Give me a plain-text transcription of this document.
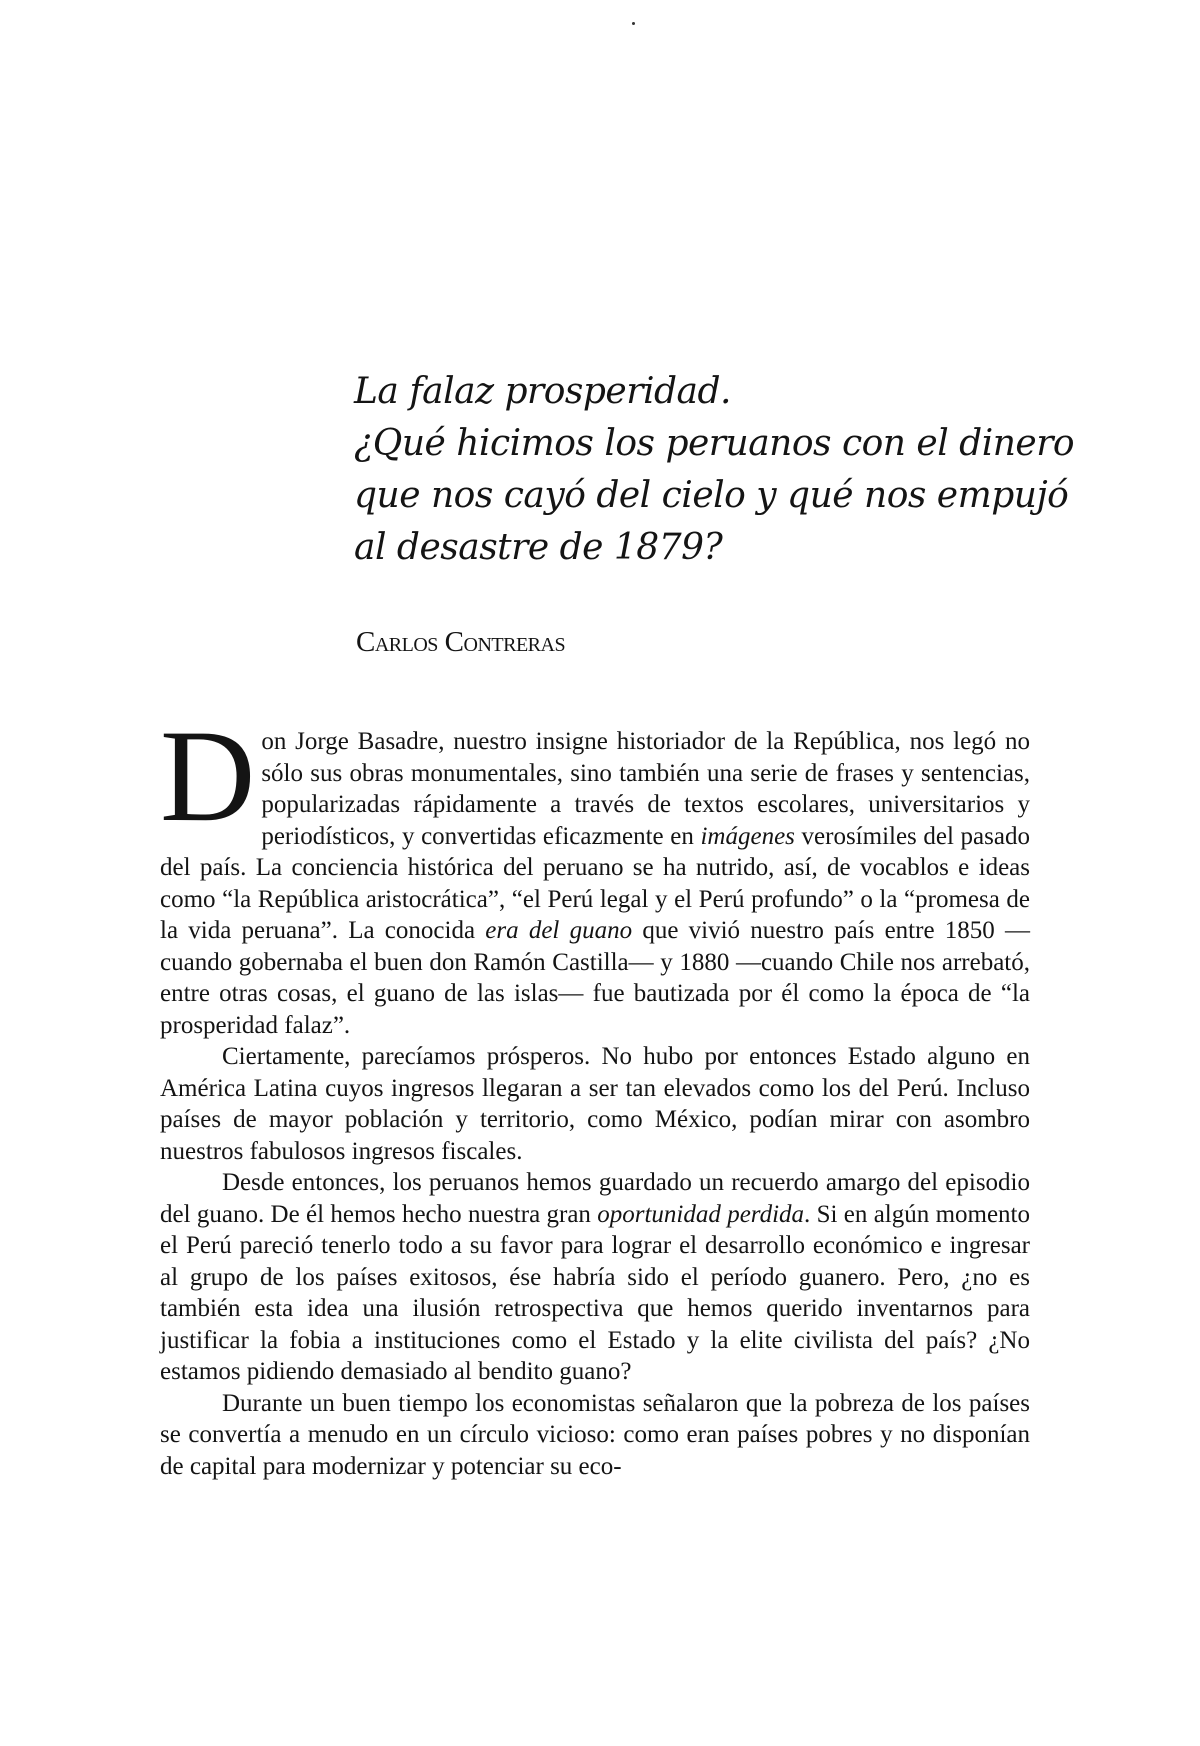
La falaz prosperidad.
¿Qué hicimos los peruanos con el dinero
que nos cayó del cielo y qué nos empujó
al desastre de 1879?

Carlos Contreras

Don Jorge Basadre, nuestro insigne historiador de la República, nos legó no sólo sus obras monumentales, sino también una serie de frases y sentencias, popularizadas rápidamente a través de textos escolares, universitarios y periodísticos, y convertidas eficazmente en imágenes verosímiles del pasado del país. La conciencia histórica del peruano se ha nutrido, así, de vocablos e ideas como “la República aristocrática”, “el Perú legal y el Perú profundo” o la “promesa de la vida peruana”. La conocida era del guano que vivió nuestro país entre 1850 —cuando gobernaba el buen don Ramón Castilla— y 1880 —cuando Chile nos arrebató, entre otras cosas, el guano de las islas— fue bautizada por él como la época de “la prosperidad falaz”.

Ciertamente, parecíamos prósperos. No hubo por entonces Estado alguno en América Latina cuyos ingresos llegaran a ser tan elevados como los del Perú. Incluso países de mayor población y territorio, como México, podían mirar con asombro nuestros fabulosos ingresos fiscales.

Desde entonces, los peruanos hemos guardado un recuerdo amargo del episodio del guano. De él hemos hecho nuestra gran oportunidad perdida. Si en algún momento el Perú pareció tenerlo todo a su favor para lograr el desarrollo económico e ingresar al grupo de los países exitosos, ése habría sido el período guanero. Pero, ¿no es también esta idea una ilusión retrospectiva que hemos querido inventarnos para justificar la fobia a instituciones como el Estado y la elite civilista del país? ¿No estamos pidiendo demasiado al bendito guano?

Durante un buen tiempo los economistas señalaron que la pobreza de los países se convertía a menudo en un círculo vicioso: como eran países pobres y no disponían de capital para modernizar y potenciar su eco-
